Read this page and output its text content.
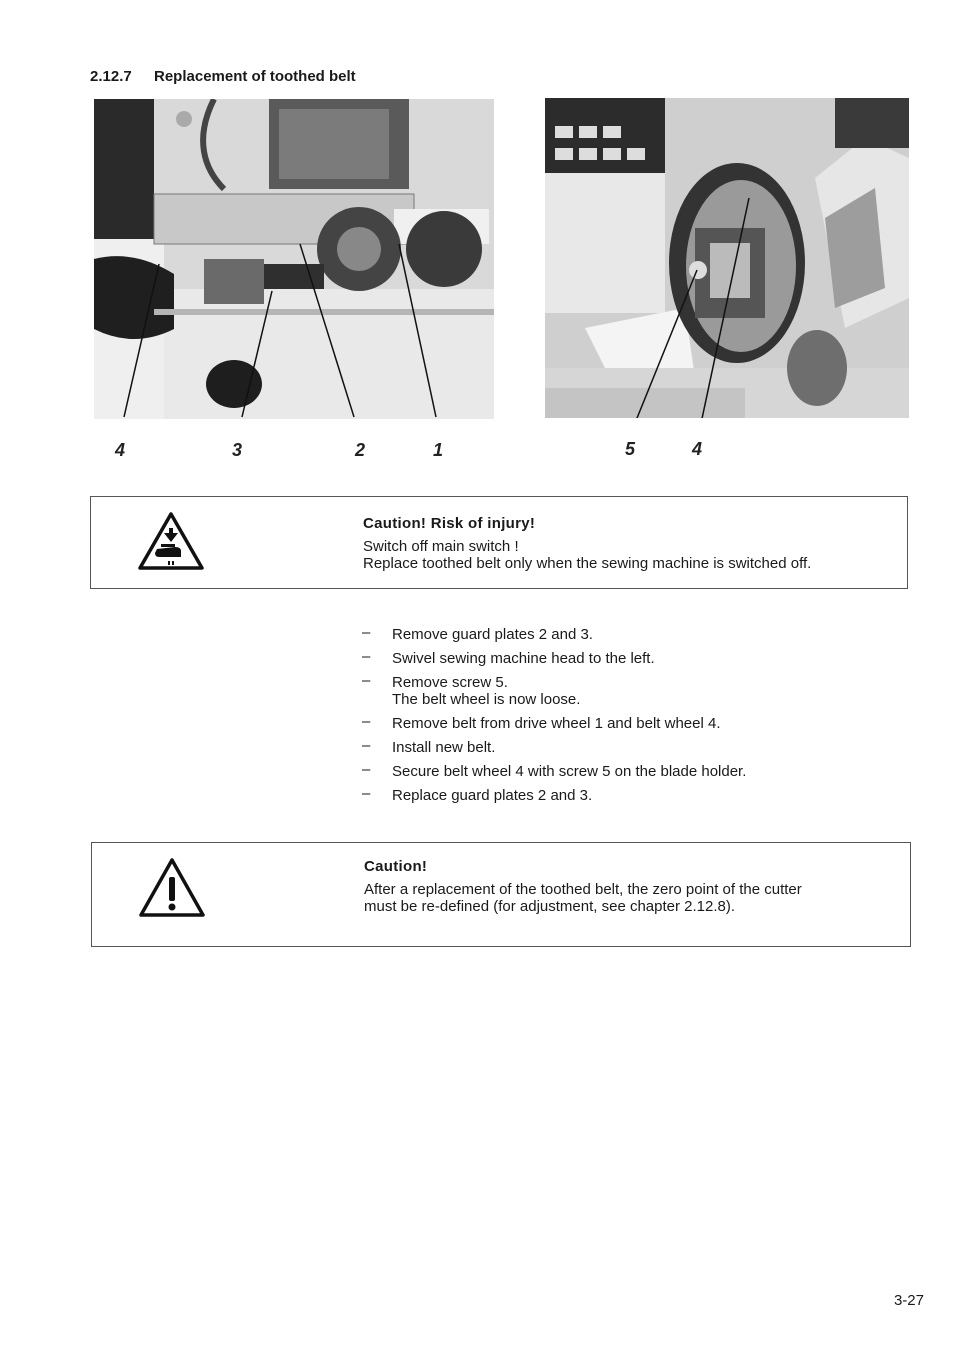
2.12.7 Replacement of toothed belt
4	3	2	1	5	4
Caution! Risk of injury!
Switch off main switch !
Replace toothed belt only when the sewing machine is switched off.
– Remove guard plates 2 and 3.
– Swivel sewing machine head to the left.
– Remove screw 5.
The belt wheel is now loose.
– Remove belt from drive wheel 1 and belt wheel 4.
– Install new belt.
– Secure belt wheel 4 with screw 5 on the blade holder.
– Replace guard plates 2 and 3.
Caution!
After a replacement of the toothed belt, the zero point of the cutter
must be re-defined (for adjustment, see chapter 2.12.8).
3-27
